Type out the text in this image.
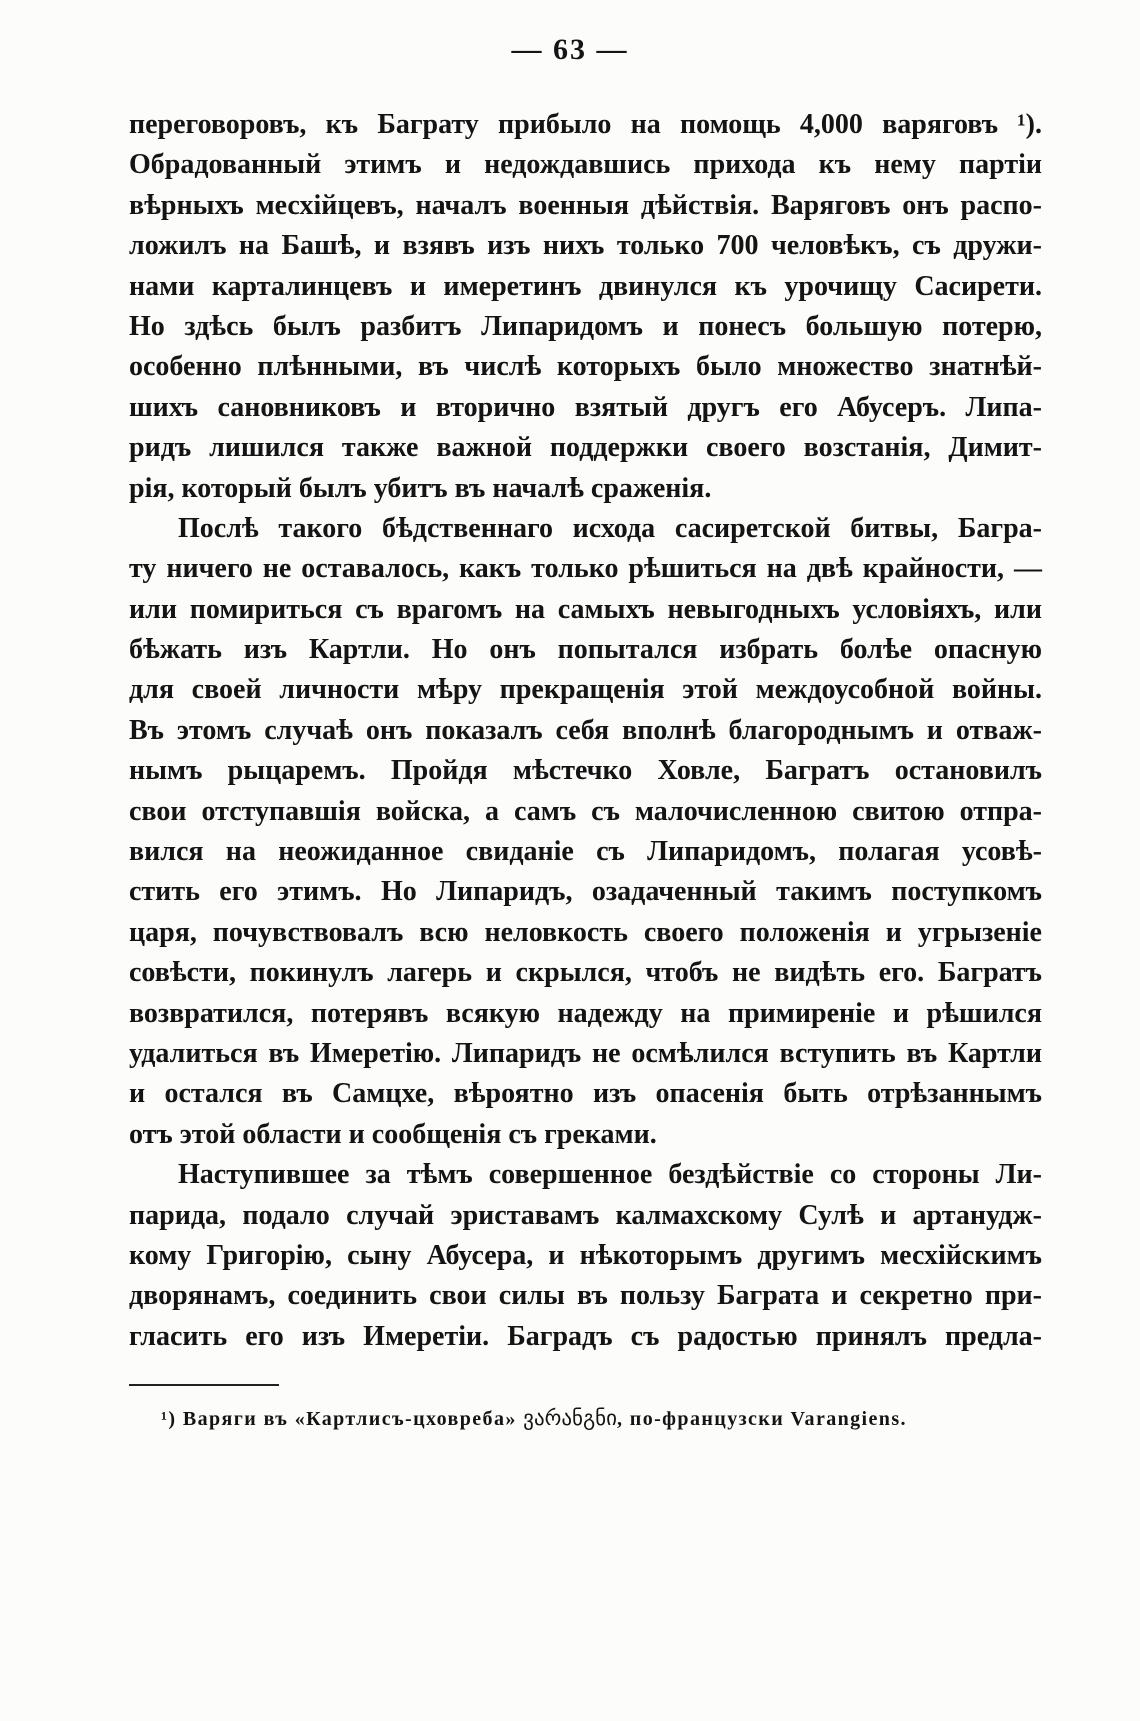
— 63 —
переговоровъ, къ Баграту прибыло на помощь 4,000 варяговъ ¹).
Обрадованный этимъ и недождавшись прихода къ нему партіи
вѣрныхъ месхійцевъ, началъ военныя дѣйствія. Варяговъ онъ распо-
ложилъ на Башѣ, и взявъ изъ нихъ только 700 человѣкъ, съ дружи-
нами карталинцевъ и имеретинъ двинулся къ урочищу Сасирети.
Но здѣсь былъ разбитъ Липаридомъ и понесъ большую потерю,
особенно плѣнными, въ числѣ которыхъ было множество знатнѣй-
шихъ сановниковъ и вторично взятый другъ его Абусеръ. Липа-
ридъ лишился также важной поддержки своего возстанія, Димит-
рія, который былъ убитъ въ началѣ сраженія.
Послѣ такого бѣдственнаго исхода сасиретской битвы, Багра-
ту ничего не оставалось, какъ только рѣшиться на двѣ крайности, —
или помириться съ врагомъ на самыхъ невыгодныхъ условіяхъ, или
бѣжать изъ Картли. Но онъ попытался избрать болѣе опасную
для своей личности мѣру прекращенія этой междоусобной войны.
Въ этомъ случаѣ онъ показалъ себя вполнѣ благороднымъ и отваж-
нымъ рыцаремъ. Пройдя мѣстечко Ховле, Багратъ остановилъ
свои отступавшія войска, а самъ съ малочисленною свитою отпра-
вился на неожиданное свиданіе съ Липаридомъ, полагая усовѣ-
стить его этимъ. Но Липаридъ, озадаченный такимъ поступкомъ
царя, почувствовалъ всю неловкость своего положенія и угрызеніе
совѣсти, покинулъ лагерь и скрылся, чтобъ не видѣть его. Багратъ
возвратился, потерявъ всякую надежду на примиреніе и рѣшился
удалиться въ Имеретію. Липаридъ не осмѣлился вступить въ Картли
и остался въ Самцхе, вѣроятно изъ опасенія быть отрѣзаннымъ
отъ этой области и сообщенія съ греками.
Наступившее за тѣмъ совершенное бездѣйствіе со стороны Ли-
парида, подало случай эриставамъ калмахскому Сулѣ и артанудж-
кому Григорію, сыну Абусера, и нѣкоторымъ другимъ месхійскимъ
дворянамъ, соединить свои силы въ пользу Баграта и секретно при-
гласить его изъ Имеретіи. Баградъ съ радостью принялъ предла-
¹) Варяги въ «Картлисъ-цховреба» ვარანგნი, по-французски Varangiens.
